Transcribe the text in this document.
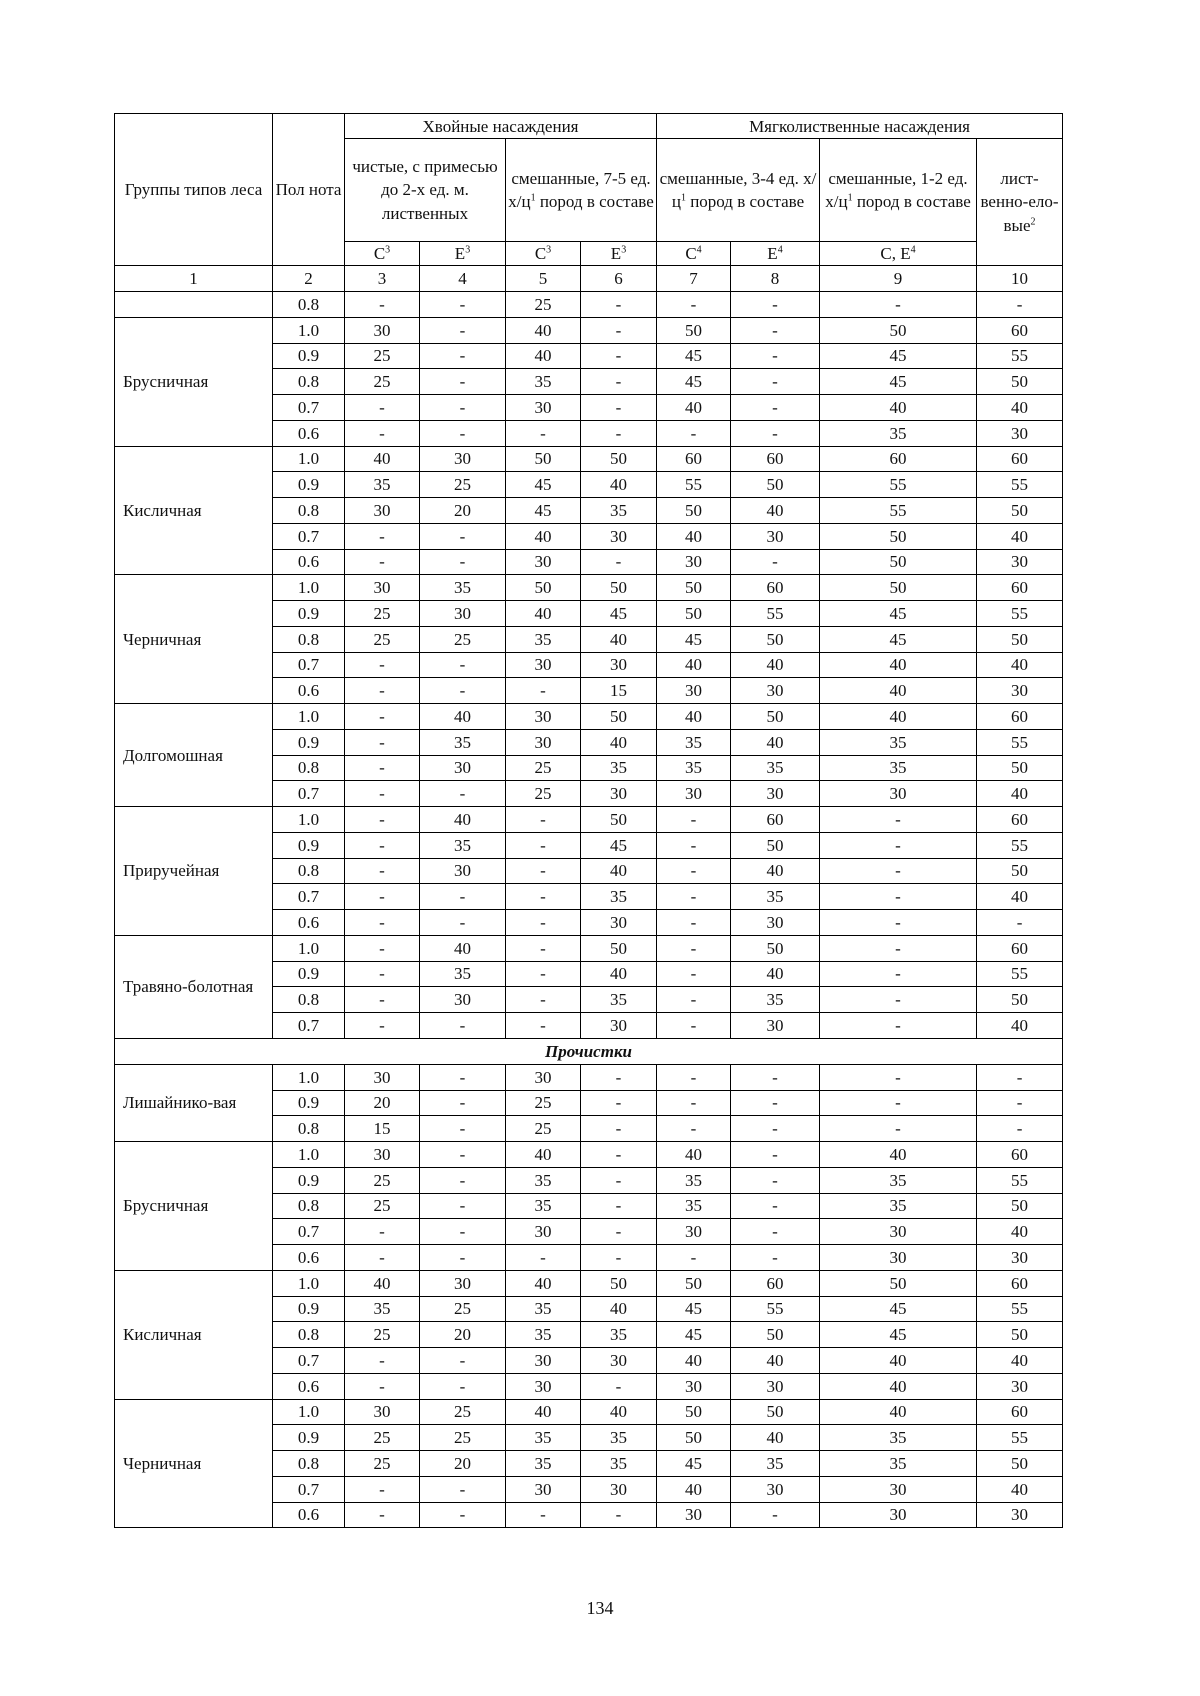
Группы типов леса	Пол нота	Хвойные насаждения				Мягколиственные насаждения			
		чистые, с примесью до 2-х ед. м. лиственных		смешанные, 7-5 ед. $х/ц^1$ пород в составе		смешанные, 3-4 ед. $х/ц^1$ пород в составе		смешанные, 1-2 ед. $х/ц^1$ пород в составе	лист-венно-ело-вые$^2$
		$С^3$	$Е^3$	$С^3$	$Е^3$	$С^4$	$Е^4$	С, $Е^4$
1	2	3	4	5	6	7	8	9	10
	0.8	-	-	25	-	-	-	-	-
Брусничная	1.0	30	-	40	-	50	-	50	60
	0.9	25	-	40	-	45	-	45	55
	0.8	25	-	35	-	45	-	45	50
	0.7	-	-	30	-	40	-	40	40
	0.6	-	-	-	-	-	-	35	30
Кисличная	1.0	40	30	50	50	60	60	60	60
	0.9	35	25	45	40	55	50	55	55
	0.8	30	20	45	35	50	40	55	50
	0.7	-	-	40	30	40	30	50	40
	0.6	-	-	30	-	30	-	50	30
Черничная	1.0	30	35	50	50	50	60	50	60
	0.9	25	30	40	45	50	55	45	55
	0.8	25	25	35	40	45	50	45	50
	0.7	-	-	30	30	40	40	40	40
	0.6	-	-	-	15	30	30	40	30
Долгомошная	1.0	-	40	30	50	40	50	40	60
	0.9	-	35	30	40	35	40	35	55
	0.8	-	30	25	35	35	35	35	50
	0.7	-	-	25	30	30	30	30	40
Приручейная	1.0	-	40	-	50	-	60	-	60
	0.9	-	35	-	45	-	50	-	55
	0.8	-	30	-	40	-	40	-	50
	0.7	-	-	-	35	-	35	-	40
	0.6	-	-	-	30	-	30	-	-
Травяно-болотная	1.0	-	40	-	50	-	50	-	60
	0.9	-	35	-	40	-	40	-	55
	0.8	-	30	-	35	-	35	-	50
	0.7	-	-	-	30	-	30	-	40
Прочистки									
Лишайнико-вая	1.0	30	-	30	-	-	-	-	-
	0.9	20	-	25	-	-	-	-	-
	0.8	15	-	25	-	-	-	-	-
Брусничная	1.0	30	-	40	-	40	-	40	60
	0.9	25	-	35	-	35	-	35	55
	0.8	25	-	35	-	35	-	35	50
	0.7	-	-	30	-	30	-	30	40
	0.6	-	-	-	-	-	-	30	30
Кисличная	1.0	40	30	40	50	50	60	50	60
	0.9	35	25	35	40	45	55	45	55
	0.8	25	20	35	35	45	50	45	50
	0.7	-	-	30	30	40	40	40	40
	0.6	-	-	30	-	30	30	40	30
Черничная	1.0	30	25	40	40	50	50	40	60
	0.9	25	25	35	35	50	40	35	55
	0.8	25	20	35	35	45	35	35	50
	0.7	-	-	30	30	40	30	30	40
	0.6	-	-	-	-	30	-	30	30
134
